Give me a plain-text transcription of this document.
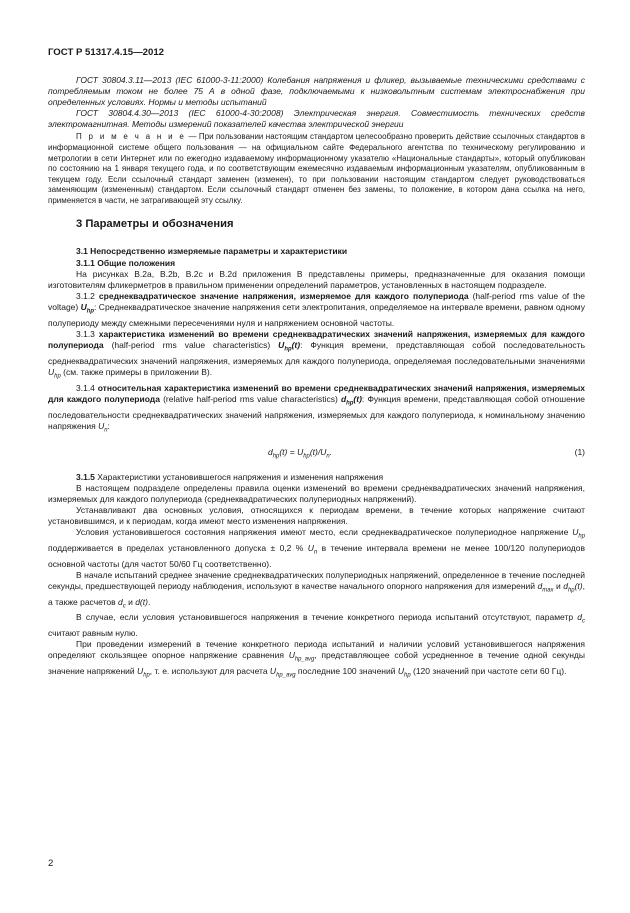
ГОСТ Р 51317.4.15—2012

ГОСТ 30804.3.11—2013 (IEC 61000-3-11:2000) Колебания напряжения и фликер, вызываемые техническими средствами с потребляемым током не более 75 А в одной фазе, подключаемыми к низковольтным системам электроснабжения при определенных условиях. Нормы и методы испытаний

ГОСТ 30804.4.30—2013 (IEC 61000-4-30:2008) Электрическая энергия. Совместимость технических средств электромагнитная. Методы измерений показателей качества электрической энергии

П р и м е ч а н и е — При пользовании настоящим стандартом целесообразно проверить действие ссылочных стандартов в информационной системе общего пользования — на официальном сайте Федерального агентства по техническому регулированию и метрологии в сети Интернет или по ежегодно издаваемому информационному указателю «Национальные стандарты», который опубликован по состоянию на 1 января текущего года, и по соответствующим ежемесячно издаваемым информационным указателям, опубликованным в текущем году. Если ссылочный стандарт заменен (изменен), то при пользовании настоящим стандартом следует руководствоваться заменяющим (измененным) стандартом. Если ссылочный стандарт отменен без замены, то положение, в котором дана ссылка на него, применяется в части, не затрагивающей эту ссылку.

3 Параметры и обозначения
3.1 Непосредственно измеряемые параметры и характеристики
3.1.1 Общие положения

На рисунках В.2а, В.2b, В.2с и В.2d приложения В представлены примеры, предназначенные для оказания помощи изготовителям фликерметров в правильном применении определений параметров, установленных в настоящем подразделе.

3.1.2 среднеквадратическое значение напряжения, измеряемое для каждого полупериода (half-period rms value of the voltage) $U_{hp}$: Среднеквадратическое значение напряжения сети электропитания, определяемое на интервале времени, равном одному полупериоду между смежными пересечениями нуля и напряжением основной частоты.

3.1.3 характеристика изменений во времени среднеквадратических значений напряжения, измеряемых для каждого полупериода (half-period rms value characteristics) $U_{hp}(t)$: Функция времени, представляющая собой последовательность среднеквадратических значений напряжения, измеряемых для каждого полупериода, определяемая последовательными значениями $U_{hp}$ (см. также примеры в приложении В).

3.1.4 относительная характеристика изменений во времени среднеквадратических значений напряжения, измеряемых для каждого полупериода (relative half-period rms value characteristics) $d_{hp}(t)$: Функция времени, представляющая собой отношение последовательности среднеквадратических значений напряжения, измеряемых для каждого полупериода, к номинальному значению напряжения $U_n$:

$d_{hp}(t) = U_{hp}(t)/U_n$.	(1)

3.1.5 Характеристики установившегося напряжения и изменения напряжения

В настоящем подразделе определены правила оценки изменений во времени среднеквадратических значений напряжения, измеряемых для каждого полупериода (среднеквадратических полупериодных напряжений).

Устанавливают два основных условия, относящихся к периодам времени, в течение которых напряжение считают установившимся, и к периодам, когда имеют место изменения напряжения.

Условия установившегося состояния напряжения имеют место, если среднеквадратическое полупериодное напряжение $U_{hp}$ поддерживается в пределах установленного допуска ± 0,2 % $U_n$ в течение интервала времени не менее 100/120 полупериодов основной частоты (для частот 50/60 Гц соответственно).

В начале испытаний среднее значение среднеквадратических полупериодных напряжений, определенное в течение последней секунды, предшествующей периоду наблюдения, используют в качестве начального опорного напряжения для измерений $d_{max}$ и $d_{hp}(t)$, а также расчетов $d_c$ и d(t).

В случае, если условия установившегося напряжения в течение конкретного периода испытаний отсутствуют, параметр $d_c$ считают равным нулю.

При проведении измерений в течение конкретного периода испытаний и наличии условий установившегося напряжения определяют скользящее опорное напряжение сравнения $U_{hp\_avg}$, представляющее собой усредненное в течение одной секунды значение напряжений $U_{hp}$, т. е. используют для расчета $U_{hp\_avg}$ последние 100 значений $U_{hp}$ (120 значений при частоте сети 60 Гц).

2
